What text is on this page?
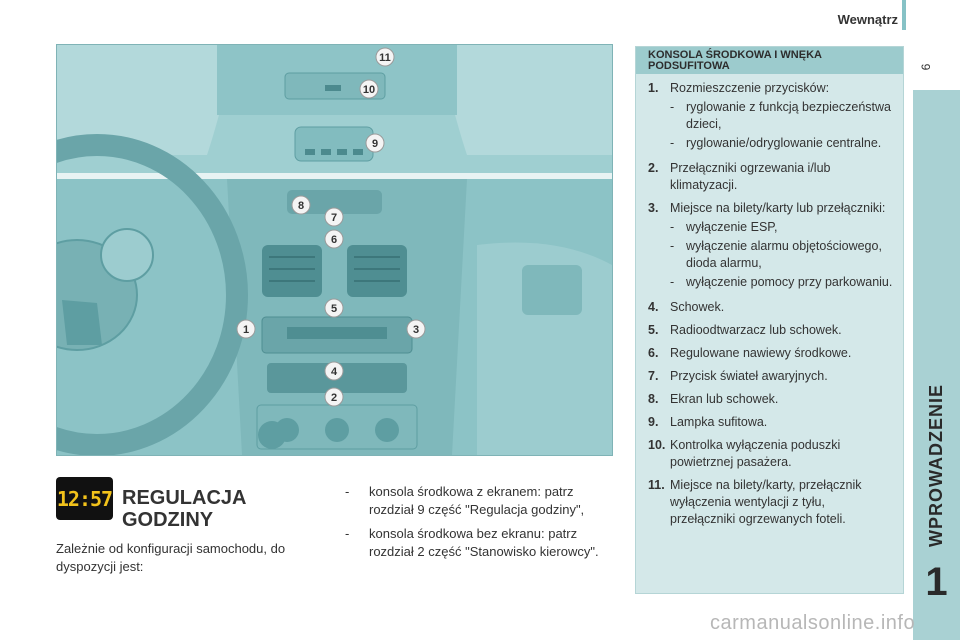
Wewnątrz
9
WPROWADZENIE
1
11
10
9
8
7
6
5
1	3
4
2
KONSOLA ŚRODKOWA I WNĘKA PODSUFITOWA
1. Rozmieszczenie przycisków:
- ryglowanie z funkcją bezpieczeństwa dzieci,
- ryglowanie/odryglowanie centralne.
2. Przełączniki ogrzewania i/lub klimatyzacji.
3. Miejsce na bilety/karty lub przełączniki:
- wyłączenie ESP,
- wyłączenie alarmu objętościowego, dioda alarmu,
- wyłączenie pomocy przy parkowaniu.
4. Schowek.
5. Radioodtwarzacz lub schowek.
6. Regulowane nawiewy środkowe.
7. Przycisk świateł awaryjnych.
8. Ekran lub schowek.
9. Lampka sufitowa.
10. Kontrolka wyłączenia poduszki powietrznej pasażera.
11. Miejsce na bilety/karty, przełącznik wyłączenia wentylacji z tyłu, przełączniki ogrzewanych foteli.
12:57 REGULACJA
GODZINY
Zależnie od konfiguracji samochodu, do dyspozycji jest:
-	konsola środkowa z ekranem: patrz rozdział 9 część "Regulacja godziny",
-	konsola środkowa bez ekranu: patrz rozdział 2 część "Stanowisko kierowcy".
carmanualsonline.info
